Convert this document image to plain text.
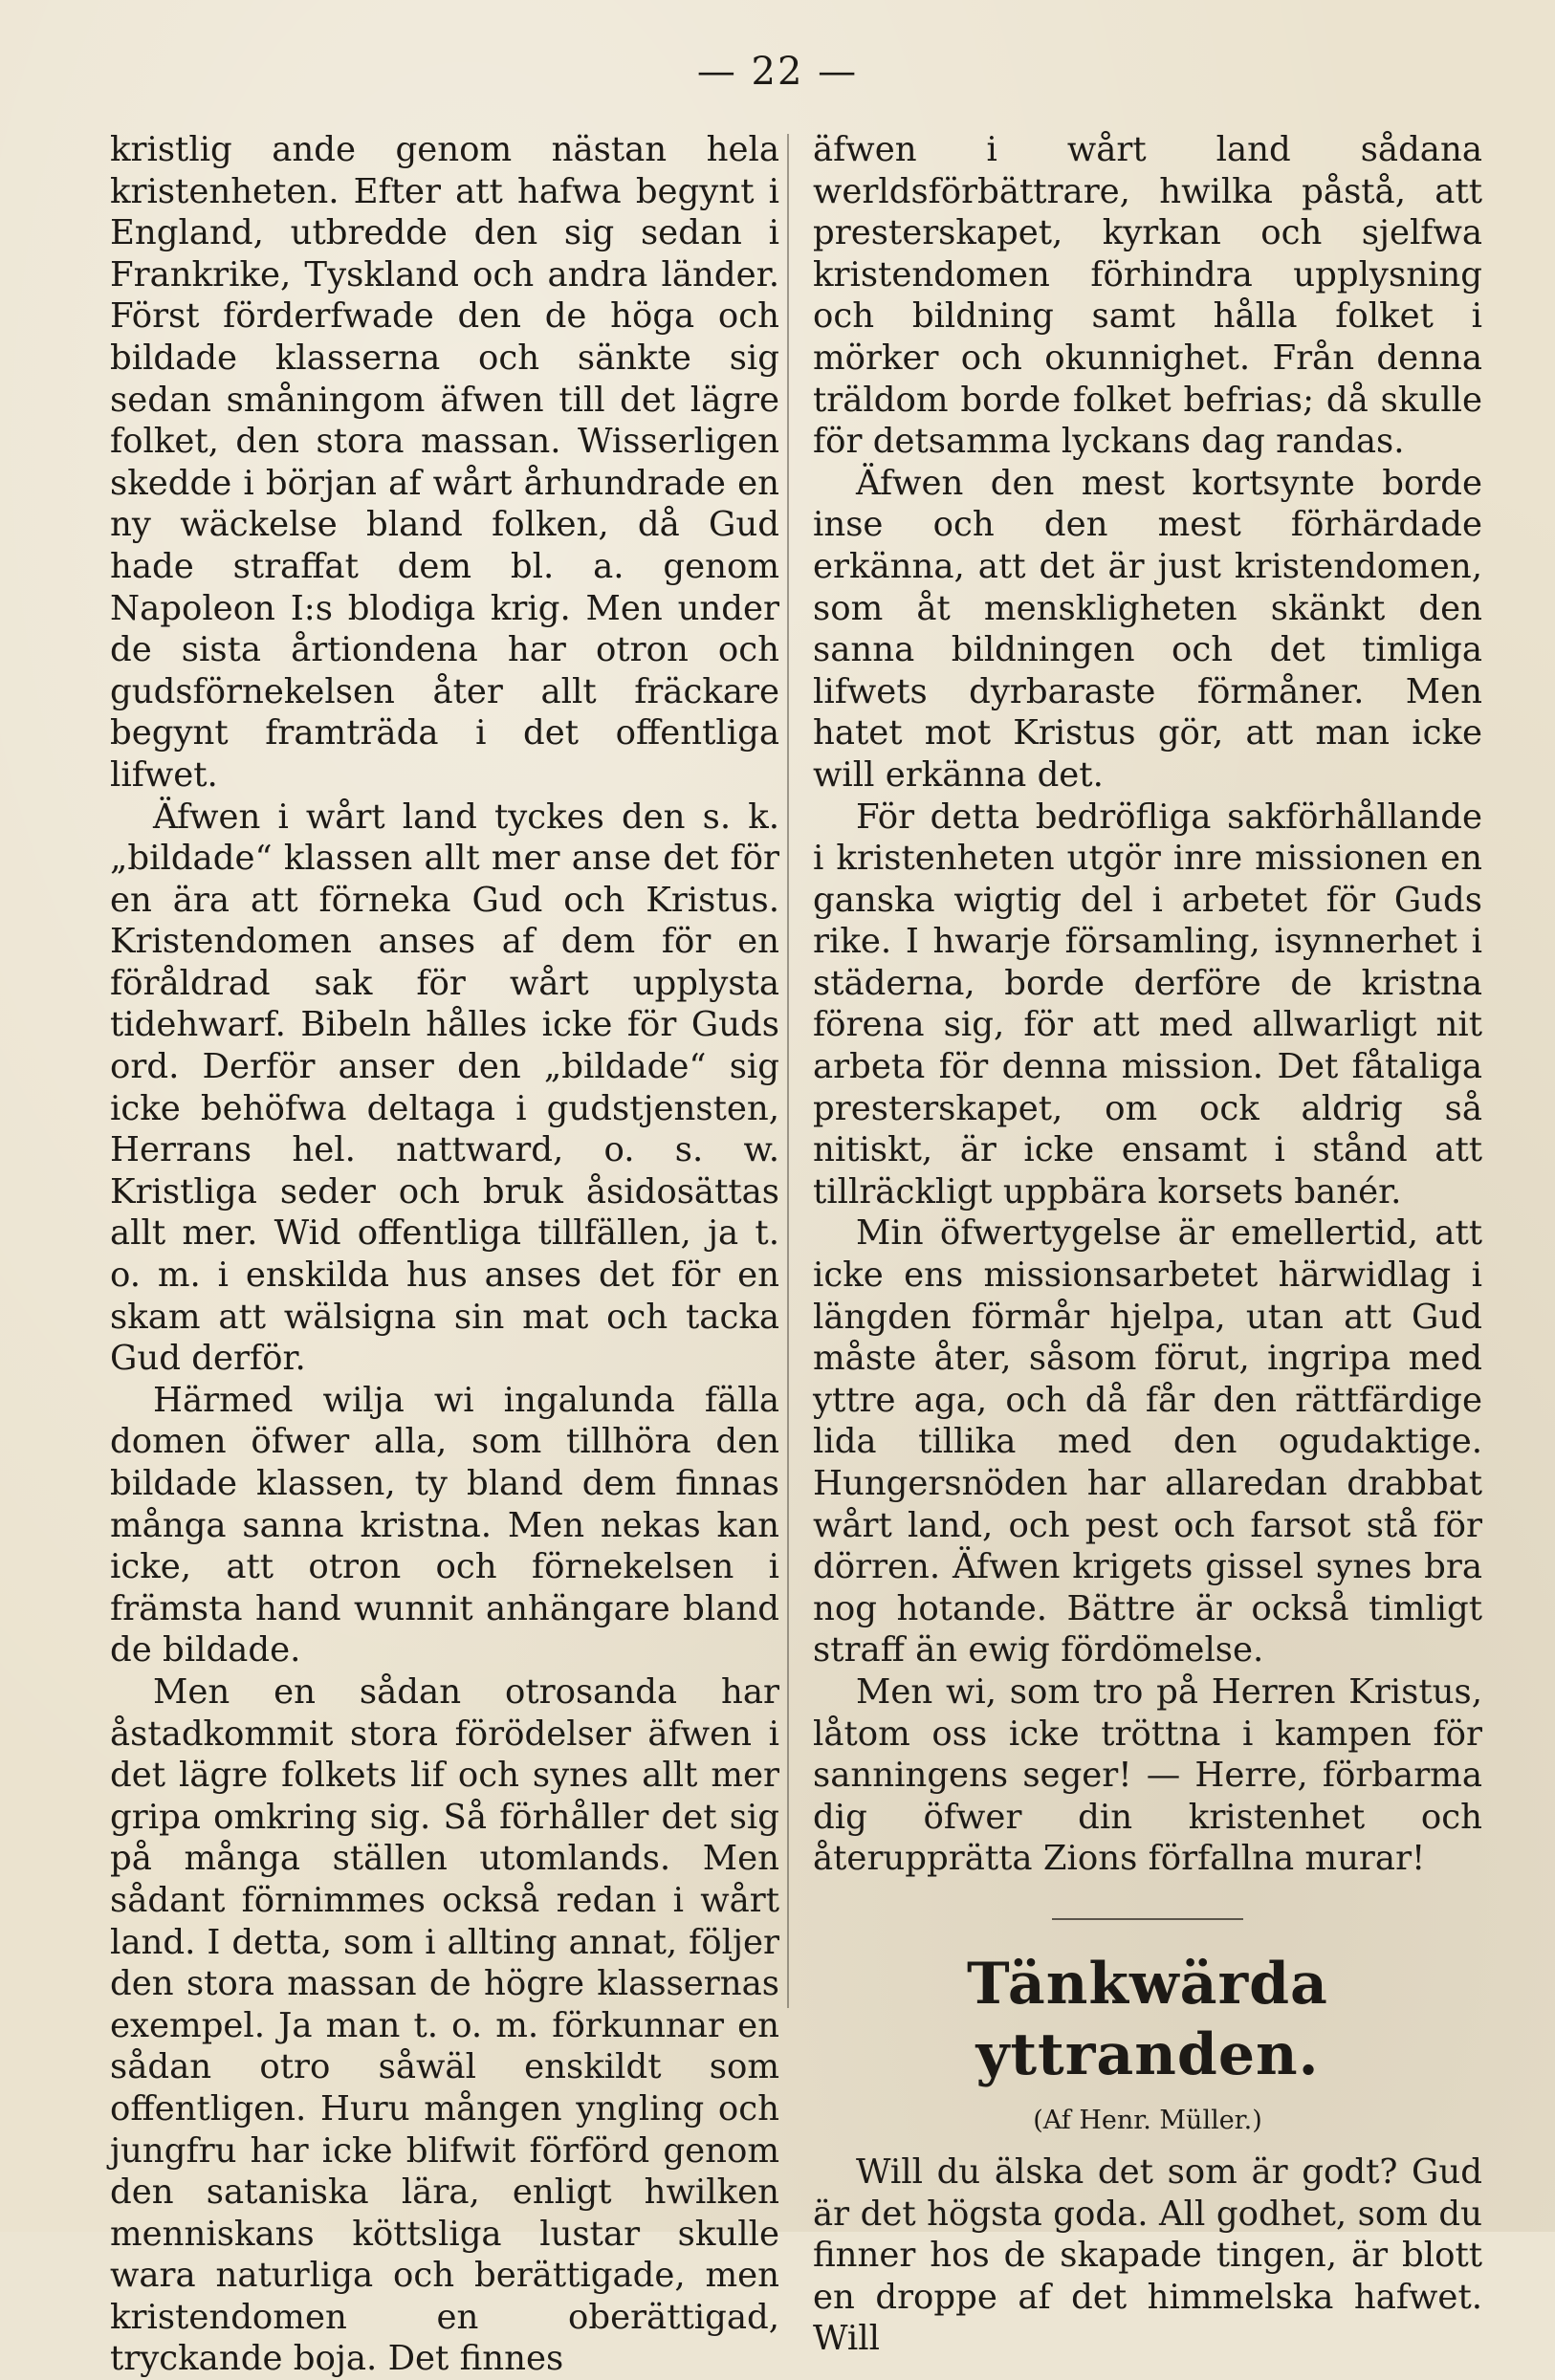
— 22 —

kristlig ande genom nästan hela kristenheten. Efter att hafwa begynt i England, utbredde den sig sedan i Frankrike, Tyskland och andra länder. Först förderfwade den de höga och bildade klasserna och sänkte sig sedan småningom äfwen till det lägre folket, den stora massan. Wisserligen skedde i början af wårt århundrade en ny wäckelse bland folken, då Gud hade straffat dem bl. a. genom Napoleon I:s blodiga krig. Men under de sista årtiondena har otron och gudsförnekelsen åter allt fräckare begynt framträda i det offentliga lifwet.

Äfwen i wårt land tyckes den s. k. „bildade“ klassen allt mer anse det för en ära att förneka Gud och Kristus. Kristendomen anses af dem för en föråldrad sak för wårt upplysta tidehwarf. Bibeln hålles icke för Guds ord. Derför anser den „bildade“ sig icke behöfwa deltaga i gudstjensten, Herrans hel. nattward, o. s. w. Kristliga seder och bruk åsidosättas allt mer. Wid offentliga tillfällen, ja t. o. m. i enskilda hus anses det för en skam att wälsigna sin mat och tacka Gud derför.

Härmed wilja wi ingalunda fälla domen öfwer alla, som tillhöra den bildade klassen, ty bland dem finnas många sanna kristna. Men nekas kan icke, att otron och förnekelsen i främsta hand wunnit anhängare bland de bildade.

Men en sådan otrosanda har åstadkommit stora förödelser äfwen i det lägre folkets lif och synes allt mer gripa omkring sig. Så förhåller det sig på många ställen utomlands. Men sådant förnimmes också redan i wårt land. I detta, som i allting annat, följer den stora massan de högre klassernas exempel. Ja man t. o. m. förkunnar en sådan otro såwäl enskildt som offentligen. Huru mången yngling och jungfru har icke blifwit förförd genom den sataniska lära, enligt hwilken menniskans köttsliga lustar skulle wara naturliga och berättigade, men kristendomen en oberättigad, tryckande boja. Det finnes

äfwen i wårt land sådana werldsförbättrare, hwilka påstå, att presterskapet, kyrkan och sjelfwa kristendomen förhindra upplysning och bildning samt hålla folket i mörker och okunnighet. Från denna träldom borde folket befrias; då skulle för detsamma lyckans dag randas.

Äfwen den mest kortsynte borde inse och den mest förhärdade erkänna, att det är just kristendomen, som åt menskligheten skänkt den sanna bildningen och det timliga lifwets dyrbaraste förmåner. Men hatet mot Kristus gör, att man icke will erkänna det.

För detta bedröfliga sakförhållande i kristenheten utgör inre missionen en ganska wigtig del i arbetet för Guds rike. I hwarje församling, isynnerhet i städerna, borde derföre de kristna förena sig, för att med allwarligt nit arbeta för denna mission. Det fåtaliga presterskapet, om ock aldrig så nitiskt, är icke ensamt i stånd att tillräckligt uppbära korsets banér.

Min öfwertygelse är emellertid, att icke ens missionsarbetet härwidlag i längden förmår hjelpa, utan att Gud måste åter, såsom förut, ingripa med yttre aga, och då får den rättfärdige lida tillika med den ogudaktige. Hungersnöden har allaredan drabbat wårt land, och pest och farsot stå för dörren. Äfwen krigets gissel synes bra nog hotande. Bättre är också timligt straff än ewig fördömelse.

Men wi, som tro på Herren Kristus, låtom oss icke tröttna i kampen för sanningens seger! — Herre, förbarma dig öfwer din kristenhet och återupprätta Zions förfallna murar!

Tänkwärda yttranden.
(Af Henr. Müller.)

Will du älska det som är godt? Gud är det högsta goda. All godhet, som du finner hos de skapade tingen, är blott en droppe af det himmelska hafwet. Will
